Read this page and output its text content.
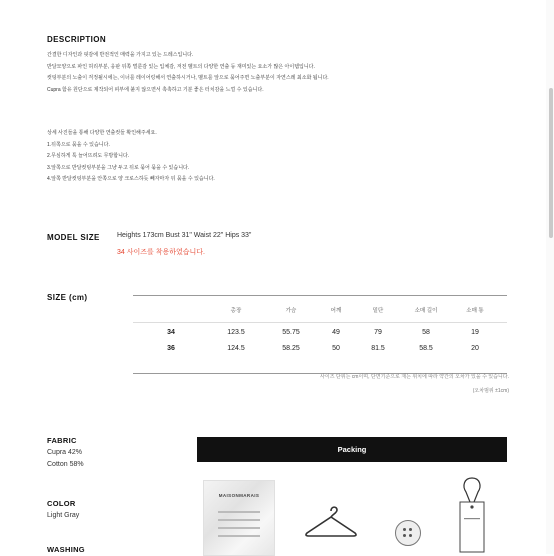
DESCRIPTION
간결한 디자인과 핏감에 반전적인 매력을 가지고 있는 드레스입니다.
반달모양으로 파인 허리부분, 응판 뒤쪽 벌룬감 있는 입체감, 저전 벨트의 다양한 연출 등 재미있는 요소가 많은 아이템입니다.
컷팅부분의 노출이 걱정될시에는, 이너를 레이어링해서 연출하시거나, 벨트를 앞으로 묶어주면 노출부분이 자연스레 최소화 됩니다.
Cupra 함유 원단으로 제작되어 피부에 붙지 않으면서 촉촉하고 기분 좋은 터치감을 느낄 수 있습니다.
상세 사진들을 통해 다양한 연출컷들 확인해주세요.
1.뒤쪽으로 묶을 수 있습니다.
2.무심하게 툭 늘어뜨려도 무방합니다.
3.앞쪽으로 반달컷팅부분을 그냥 두고 뒤로 묶어 묶을 수 있습니다.
4.앞쪽 반달컷팅부분을 안쪽으로 양 크로스하듯 빼자마자 뒤 묶을 수 있습니다.
MODEL SIZE Heights 173cm Bust 31" Waist 22" Hips 33"
34 사이즈를 착용하였습니다.
SIZE (cm)
총장	가슴	어깨	밑단	소매 길이	소매 통
34	123.5	55.75	49	79	58	19
36	124.5	58.25	50	81.5	58.5	20
사이즈 단위는 cm이며, 단면기준으로 재는 위치에 따라 약간의 오차가 있을 수 있습니다.
(오차범위 ±1cm)
FABRIC
Cupra 42%
Cotton 58%
COLOR
Light Gray
WASHING
Packing
MAISONMARAIS
